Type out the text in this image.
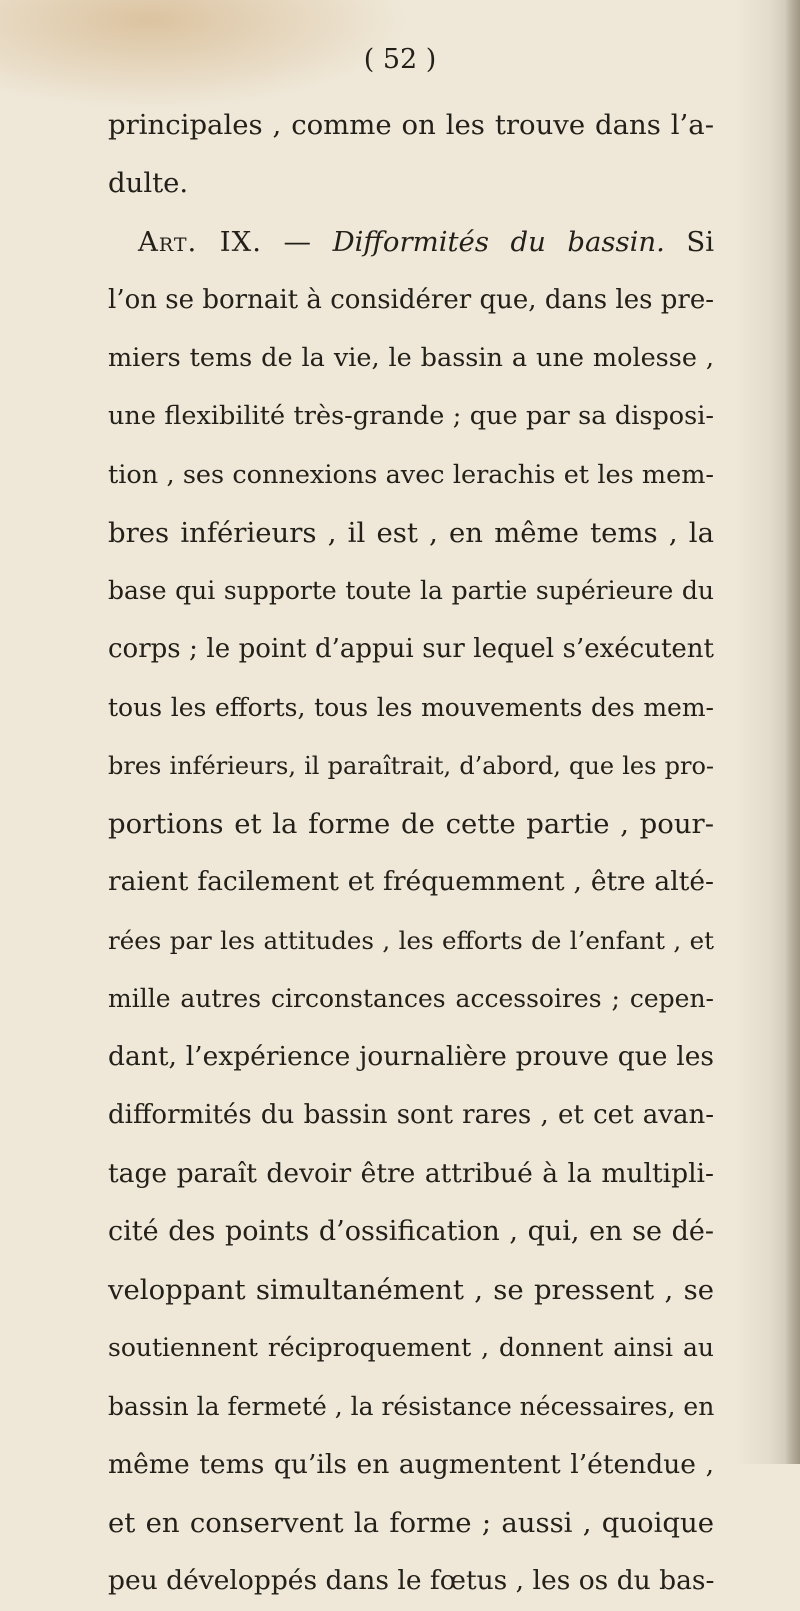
( 52 )
principales , comme on les trouve dans l’a-
dulte.
Art. IX. — Difformités du bassin. Si
l’on se bornait à considérer que, dans les pre-
miers tems de la vie, le bassin a une molesse ,
une flexibilité très-grande ; que par sa disposi-
tion , ses connexions avec lerachis et les mem-
bres inférieurs , il est , en même tems , la
base qui supporte toute la partie supérieure du
corps ; le point d’appui sur lequel s’exécutent
tous les efforts, tous les mouvements des mem-
bres inférieurs, il paraîtrait, d’abord, que les pro-
portions et la forme de cette partie , pour-
raient facilement et fréquemment , être alté-
rées par les attitudes , les efforts de l’enfant , et
mille autres circonstances accessoires ; cepen-
dant, l’expérience journalière prouve que les
difformités du bassin sont rares , et cet avan-
tage paraît devoir être attribué à la multipli-
cité des points d’ossification , qui, en se dé-
veloppant simultanément , se pressent , se
soutiennent réciproquement , donnent ainsi au
bassin la fermeté , la résistance nécessaires, en
même tems qu’ils en augmentent l’étendue ,
et en conservent la forme ; aussi , quoique
peu développés dans le fœtus , les os du bas-
